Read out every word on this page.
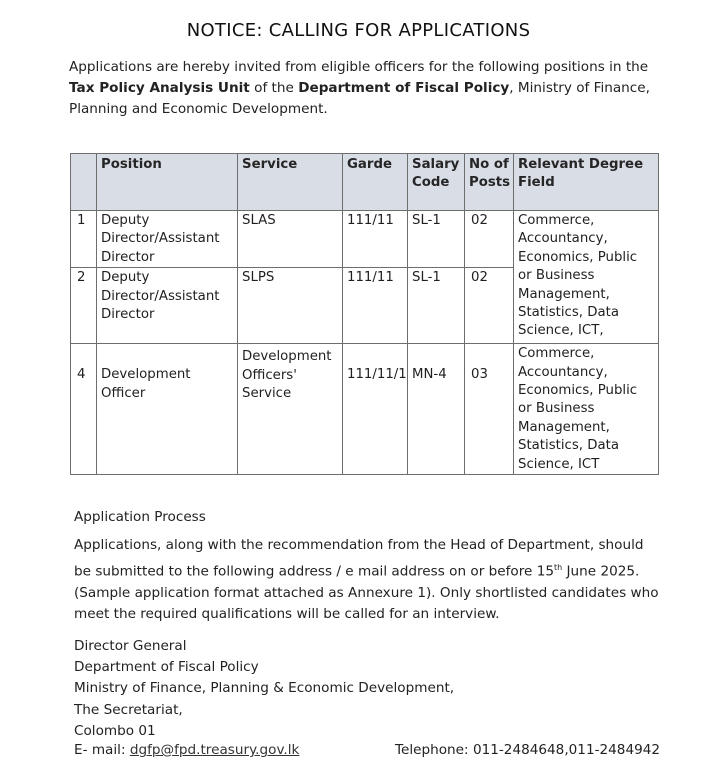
NOTICE: CALLING FOR APPLICATIONS
Applications are hereby invited from eligible officers for the following positions in the Tax Policy Analysis Unit of the Department of Fiscal Policy, Ministry of Finance, Planning and Economic Development.
	Position	Service	Garde	Salary Code	No of Posts	Relevant Degree Field
1	Deputy Director/Assistant Director	SLAS	111/11	SL-1	02	Commerce, Accountancy, Economics, Public or Business Management, Statistics, Data Science, ICT,
2	Deputy Director/Assistant Director	SLPS	111/11	SL-1	02	
4	Development Officer	Development Officers' Service	111/11/1	MN-4	03	Commerce, Accountancy, Economics, Public or Business Management, Statistics, Data Science, ICT
Application Process
Applications, along with the recommendation from the Head of Department, should be submitted to the following address / e mail address on or before 15th June 2025. (Sample application format attached as Annexure 1). Only shortlisted candidates who meet the required qualifications will be called for an interview.
Director General
Department of Fiscal Policy
Ministry of Finance, Planning & Economic Development,
The Secretariat,
Colombo 01
E- mail: dgfp@fpd.treasury.gov.lk	Telephone: 011-2484648,011-2484942
